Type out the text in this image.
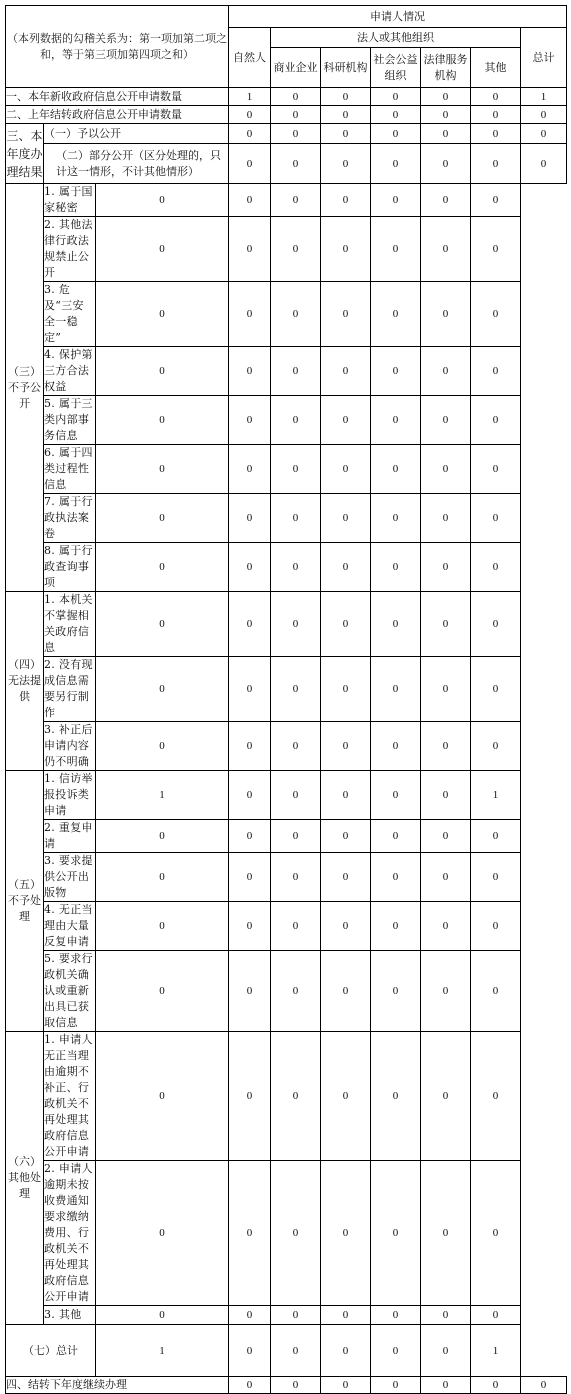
（本列数据的勾稽关系为：第一项加第二项之和，等于第三项加第四项之和）			申请人情况						
			自然人	法人或其他组织					总计
				商业企业	科研机构	社会公益组织	法律服务机构	其他	
一、本年新收政府信息公开申请数量			1	0	0	0	0	0	1
二、上年结转政府信息公开申请数量			0	0	0	0	0	0	0
三、本年度办理结果	（一）予以公开		0	0	0	0	0	0	0
	（二）部分公开（区分处理的，只计这一情形，不计其他情形）		0	0	0	0	0	0	0
（三）不予公开	1. 属于国家秘密	0	0	0	0	0	0	0	
	2. 其他法律行政法规禁止公开	0	0	0	0	0	0	0	
	3. 危及“三安全一稳定”	0	0	0	0	0	0	0	
	4. 保护第三方合法权益	0	0	0	0	0	0	0	
	5. 属于三类内部事务信息	0	0	0	0	0	0	0	
	6. 属于四类过程性信息	0	0	0	0	0	0	0	
	7. 属于行政执法案卷	0	0	0	0	0	0	0	
	8. 属于行政查询事项	0	0	0	0	0	0	0	
（四）无法提供	1. 本机关不掌握相关政府信息	0	0	0	0	0	0	0	
	2. 没有现成信息需要另行制作	0	0	0	0	0	0	0	
	3. 补正后申请内容仍不明确	0	0	0	0	0	0	0	
（五）不予处理	1. 信访举报投诉类申请	1	0	0	0	0	0	1	
	2. 重复申请	0	0	0	0	0	0	0	
	3. 要求提供公开出版物	0	0	0	0	0	0	0	
	4. 无正当理由大量反复申请	0	0	0	0	0	0	0	
	5. 要求行政机关确认或重新出具已获取信息	0	0	0	0	0	0	0	
（六）其他处理	1. 申请人无正当理由逾期不补正、行政机关不再处理其政府信息公开申请	0	0	0	0	0	0	0	
	2. 申请人逾期未按收费通知要求缴纳费用、行政机关不再处理其政府信息公开申请	0	0	0	0	0	0	0	
	3. 其他	0	0	0	0	0	0	0	
（七）总计		1	0	0	0	0	0	1	
四、结转下年度继续办理			0	0	0	0	0	0	0
